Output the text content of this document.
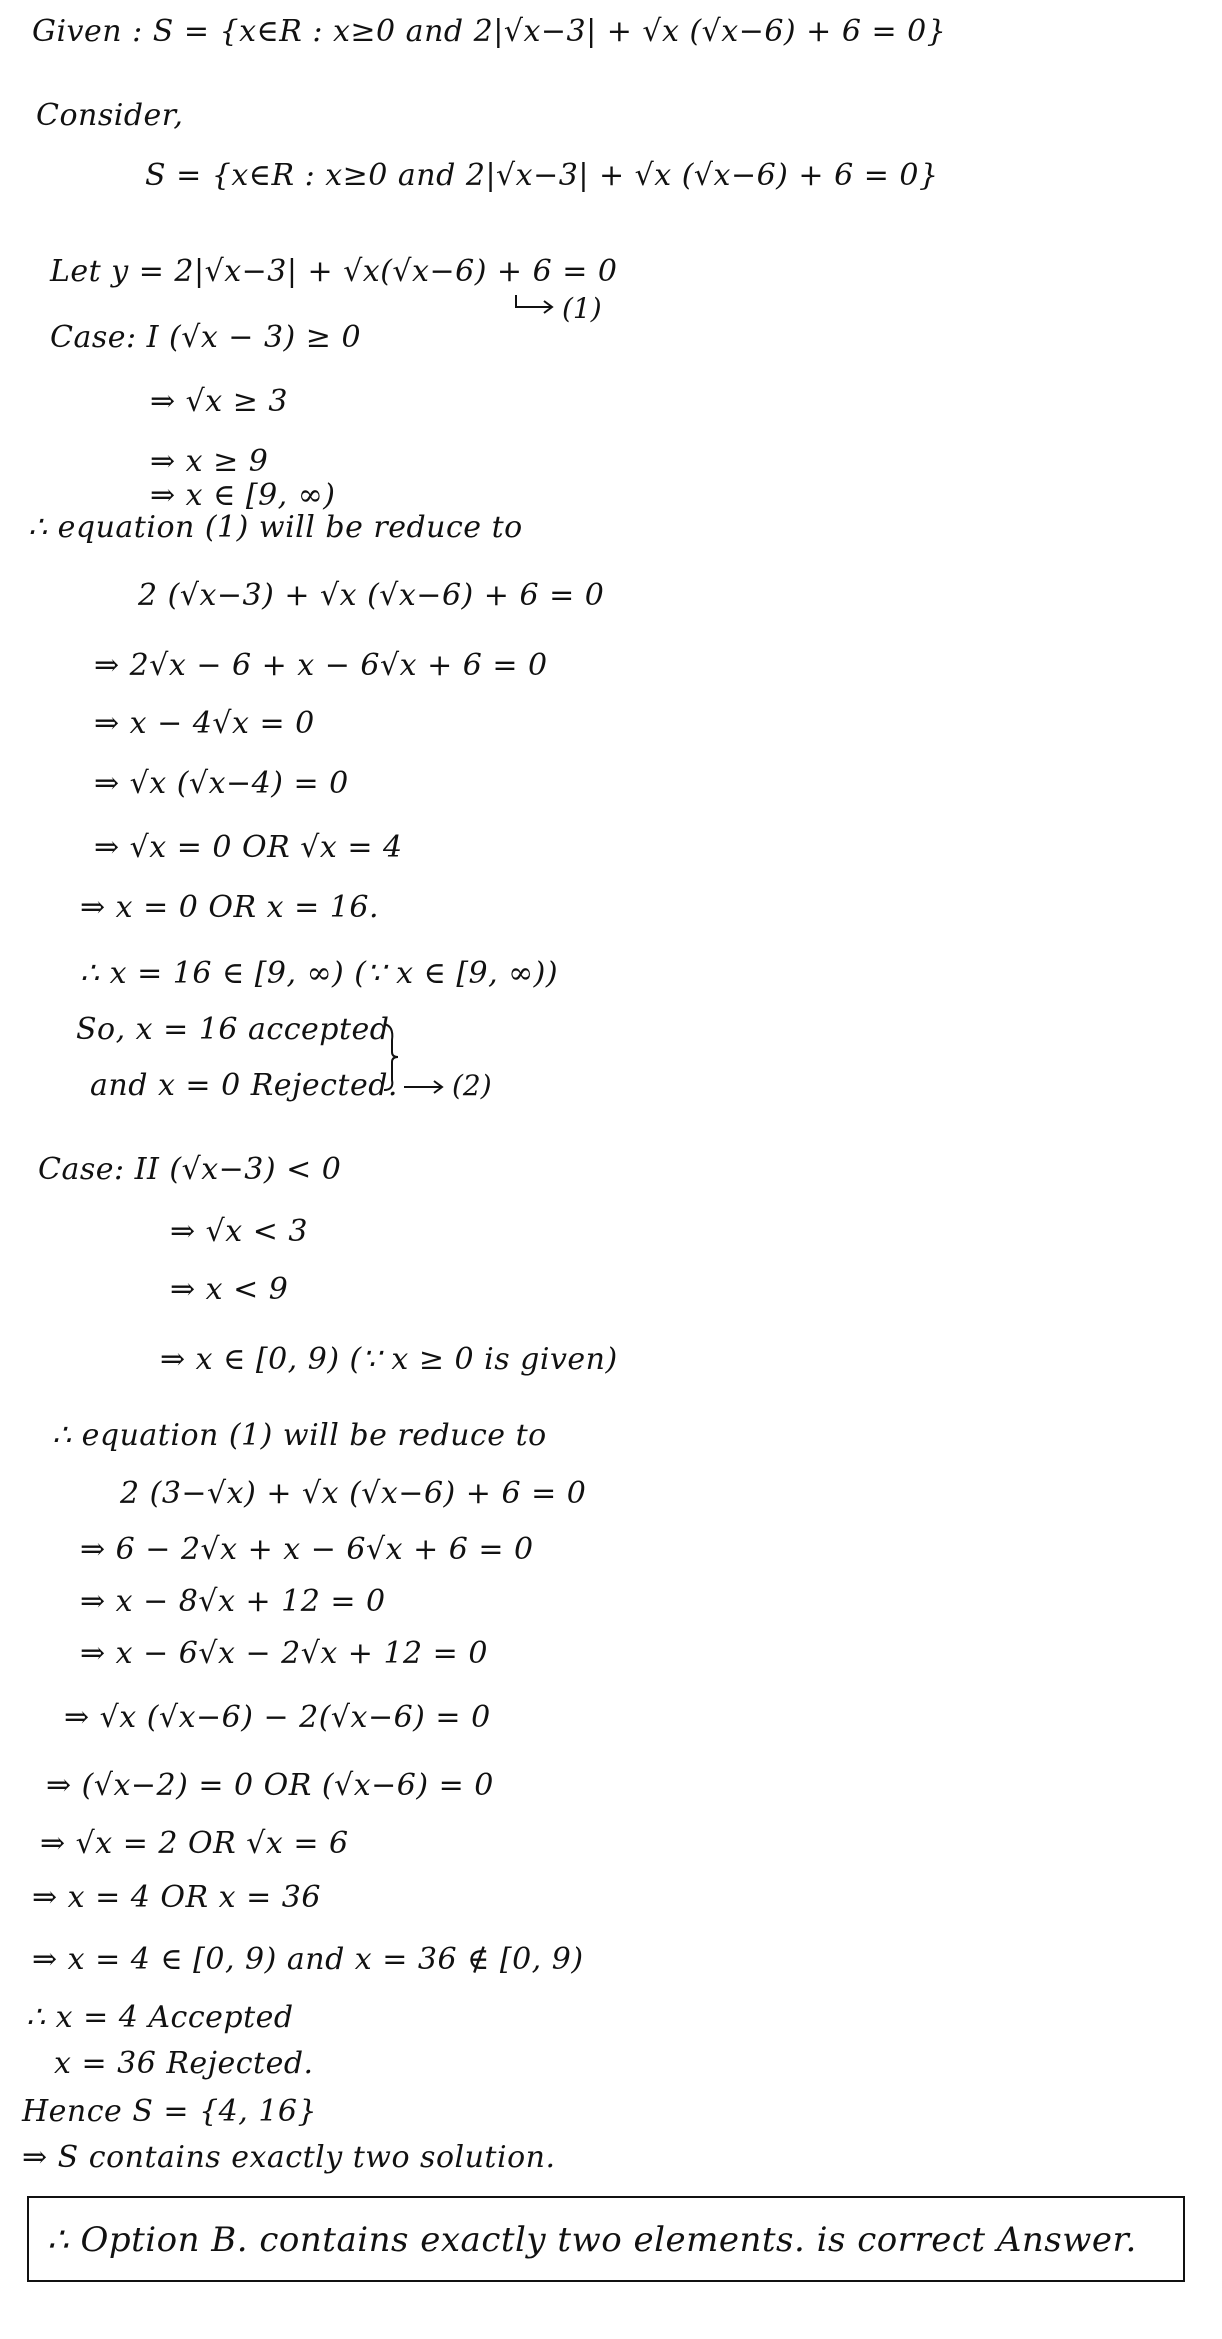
Given : S = {x∈R : x≥0 and 2|√x−3| + √x (√x−6) + 6 = 0}
Consider,
S = {x∈R : x≥0 and 2|√x−3| + √x (√x−6) + 6 = 0}
Let y = 2|√x−3| + √x(√x−6) + 6 = 0
(1)
Case: I (√x − 3) ≥ 0
⇒ √x ≥ 3
⇒ x ≥ 9
⇒ x ∈ [9, ∞)
∴ equation (1) will be reduce to
2 (√x−3) + √x (√x−6) + 6 = 0
⇒ 2√x − 6 + x − 6√x + 6 = 0
⇒ x − 4√x = 0
⇒ √x (√x−4) = 0
⇒ √x = 0 OR √x = 4
⇒ x = 0 OR x = 16.
∴ x = 16 ∈ [9, ∞) (∵ x ∈ [9, ∞))
So, x = 16 accepted
and x = 0 Rejected. (2)
Case: II (√x−3) < 0
⇒ √x < 3
⇒ x < 9
⇒ x ∈ [0, 9) (∵ x ≥ 0 is given)
∴ equation (1) will be reduce to
2 (3−√x) + √x (√x−6) + 6 = 0
⇒ 6 − 2√x + x − 6√x + 6 = 0
⇒ x − 8√x + 12 = 0
⇒ x − 6√x − 2√x + 12 = 0
⇒ √x (√x−6) − 2(√x−6) = 0
⇒ (√x−2) = 0 OR (√x−6) = 0
⇒ √x = 2 OR √x = 6
⇒ x = 4 OR x = 36
⇒ x = 4 ∈ [0, 9) and x = 36 ∉ [0, 9)
∴ x = 4 Accepted
x = 36 Rejected.
Hence S = {4, 16}
⇒ S contains exactly two solution.
∴ Option B. contains exactly two elements. is correct Answer.
